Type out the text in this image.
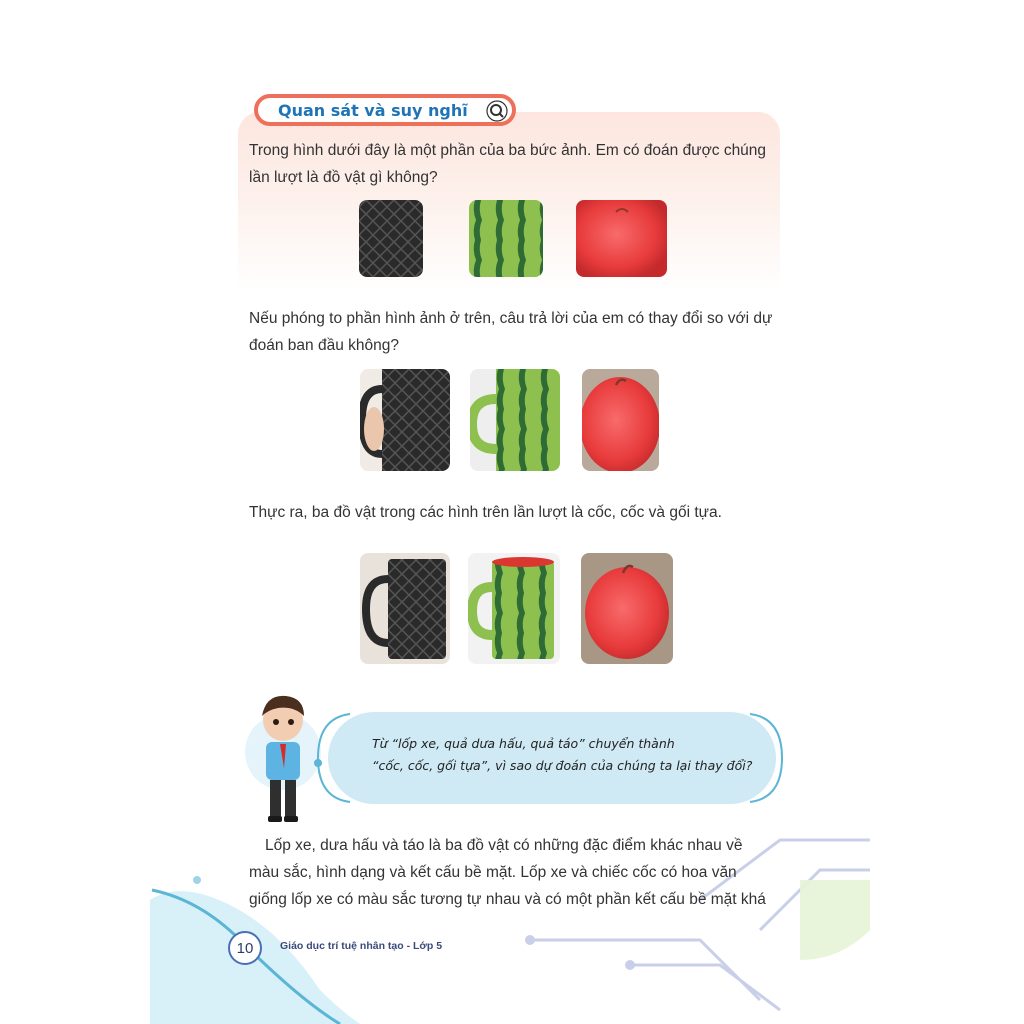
Quan sát và suy nghĩ
Trong hình dưới đây là một phần của ba bức ảnh. Em có đoán được chúng
lần lượt là đồ vật gì không?
Nếu phóng to phần hình ảnh ở trên, câu trả lời của em có thay đổi so với dự
đoán ban đầu không?
Thực ra, ba đồ vật trong các hình trên lần lượt là cốc, cốc và gối tựa.
Từ “lốp xe, quả dưa hấu, quả táo” chuyển thành
“cốc, cốc, gối tựa”, vì sao dự đoán của chúng ta lại thay đổi?
Lốp xe, dưa hấu và táo là ba đồ vật có những đặc điểm khác nhau về
màu sắc, hình dạng và kết cấu bề mặt. Lốp xe và chiếc cốc có hoa văn
giống lốp xe có màu sắc tương tự nhau và có một phần kết cấu bề mặt khá
10	Giáo dục trí tuệ nhân tạo - Lớp 5
